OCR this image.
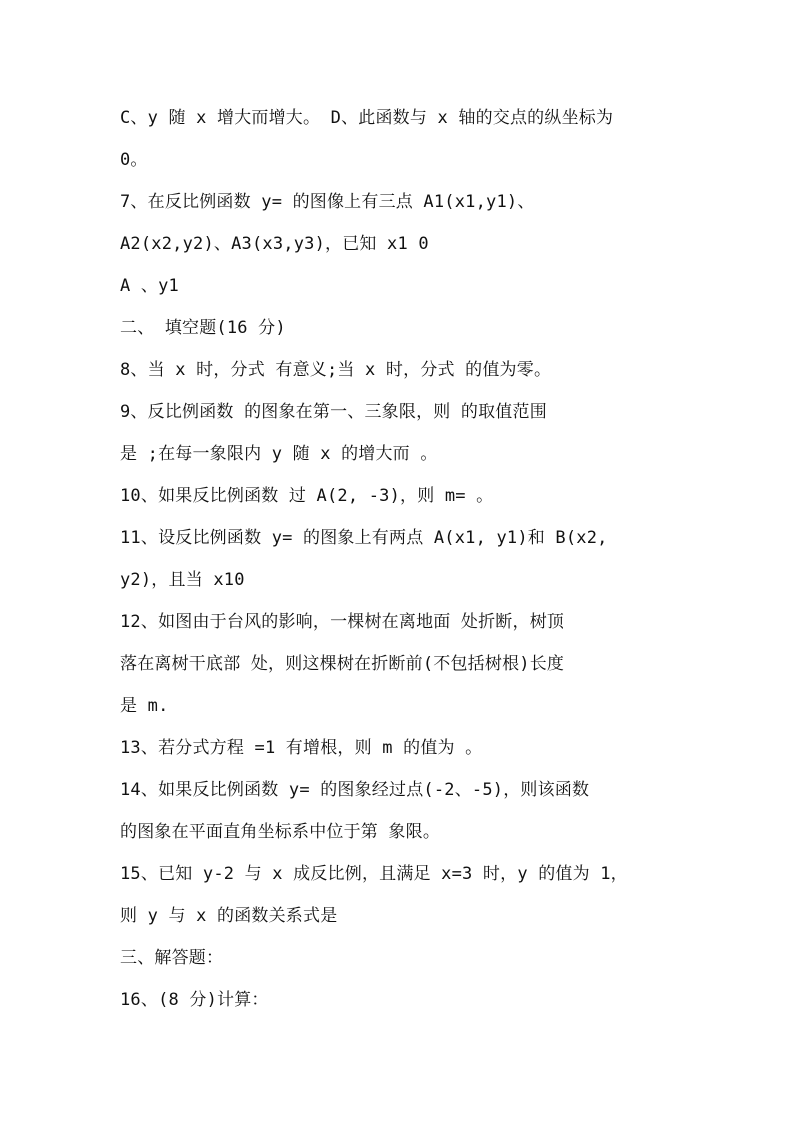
C、y 随 x 增大而增大。 D、此函数与 x 轴的交点的纵坐标为
0。
7、在反比例函数 y= 的图像上有三点 A1(x1,y1)、
A2(x2,y2)、A3(x3,y3)，已知 x1 0
A 、y1
二、 填空题(16 分)
8、当 x 时，分式 有意义;当 x 时，分式 的值为零。
9、反比例函数 的图象在第一、三象限，则 的取值范围
是 ;在每一象限内 y 随 x 的增大而 。
10、如果反比例函数 过 A(2, -3)，则 m= 。
11、设反比例函数 y= 的图象上有两点 A(x1, y1)和 B(x2,
y2)，且当 x10
12、如图由于台风的影响，一棵树在离地面 处折断，树顶
落在离树干底部 处，则这棵树在折断前(不包括树根)长度
是 m.
13、若分式方程 =1 有增根，则 m 的值为 。
14、如果反比例函数 y= 的图象经过点(-2、-5)，则该函数
的图象在平面直角坐标系中位于第 象限。
15、已知 y-2 与 x 成反比例，且满足 x=3 时，y 的值为 1，
则 y 与 x 的函数关系式是
三、解答题：
16、(8 分)计算：
